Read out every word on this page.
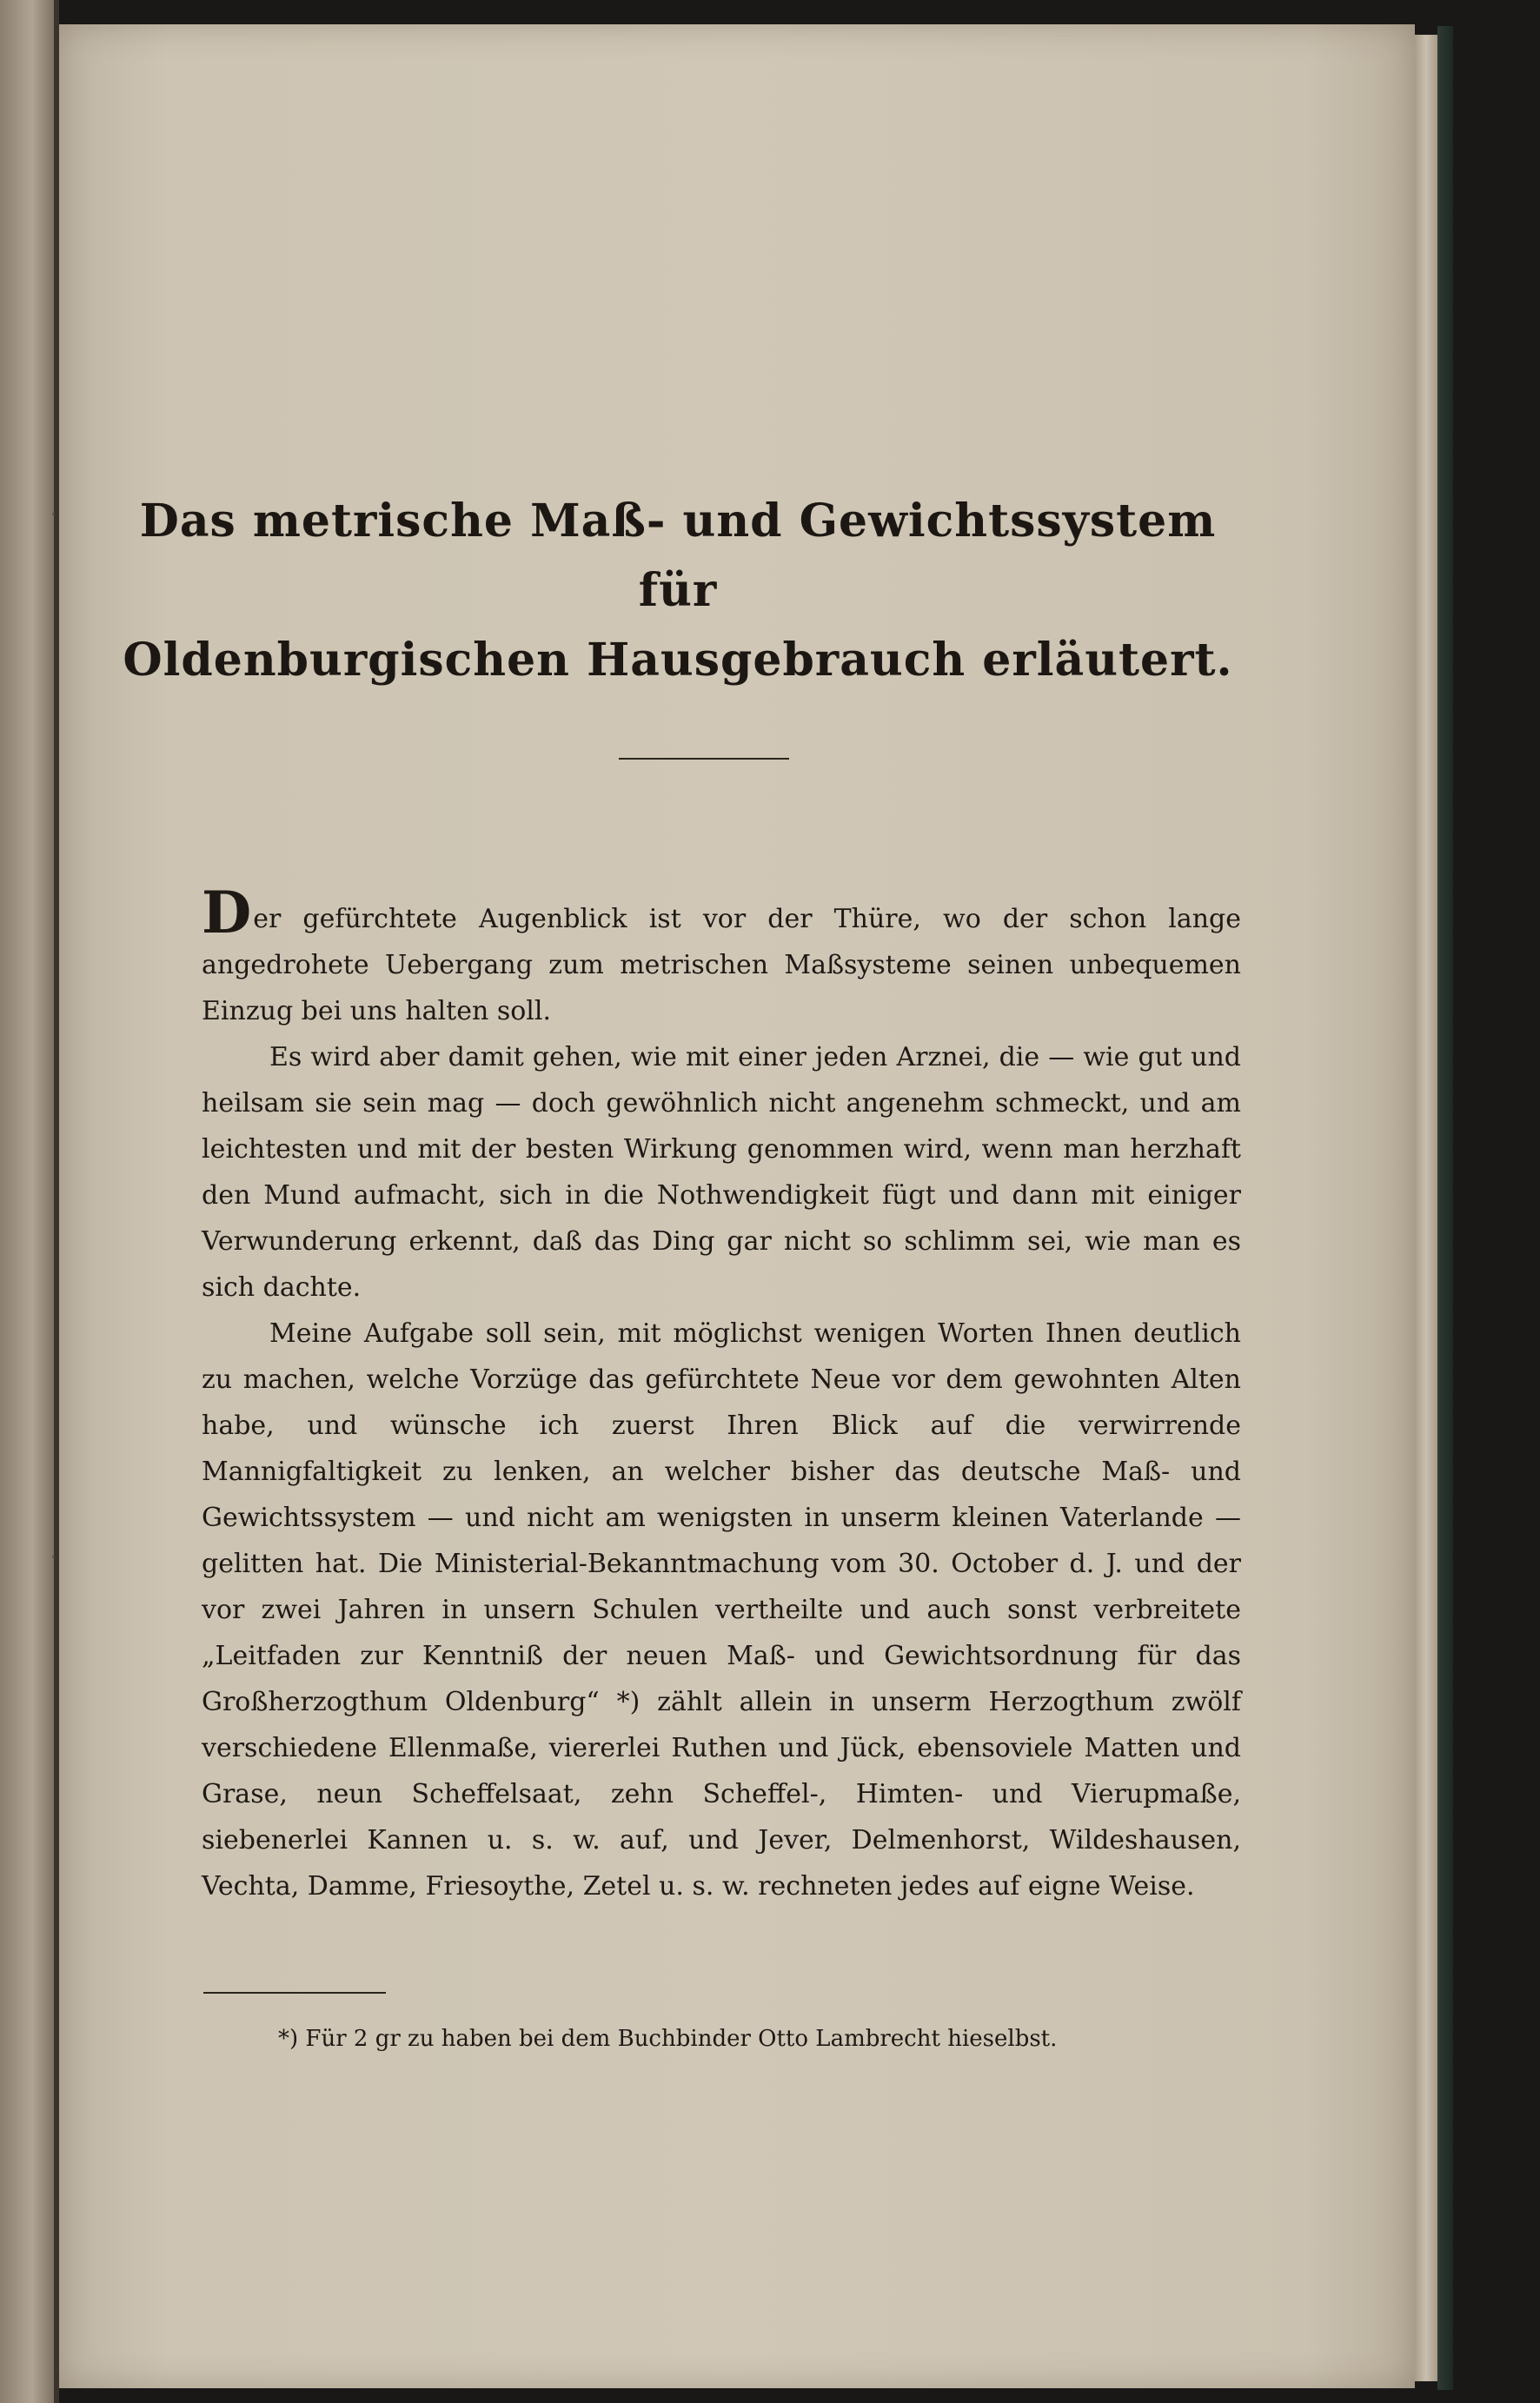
Das metrische Maß- und Gewichtssystem für
Oldenburgischen Hausgebrauch erläutert.

Der gefürchtete Augenblick ist vor der Thüre, wo der schon lange angedrohete Uebergang zum metrischen Maßsysteme seinen unbequemen Einzug bei uns halten soll.

Es wird aber damit gehen, wie mit einer jeden Arznei, die — wie gut und heilsam sie sein mag — doch gewöhnlich nicht angenehm schmeckt, und am leichtesten und mit der besten Wirkung genommen wird, wenn man herzhaft den Mund aufmacht, sich in die Nothwendigkeit fügt und dann mit einiger Verwunderung erkennt, daß das Ding gar nicht so schlimm sei, wie man es sich dachte.

Meine Aufgabe soll sein, mit möglichst wenigen Worten Ihnen deutlich zu machen, welche Vorzüge das gefürchtete Neue vor dem gewohnten Alten habe, und wünsche ich zuerst Ihren Blick auf die verwirrende Mannigfaltigkeit zu lenken, an welcher bisher das deutsche Maß- und Gewichtssystem — und nicht am wenigsten in unserm kleinen Vaterlande — gelitten hat. Die Ministerial-Bekanntmachung vom 30. October d. J. und der vor zwei Jahren in unsern Schulen vertheilte und auch sonst verbreitete „Leitfaden zur Kenntniß der neuen Maß- und Gewichtsordnung für das Großherzogthum Oldenburg“ *) zählt allein in unserm Herzogthum zwölf verschiedene Ellenmaße, viererlei Ruthen und Jück, ebensoviele Matten und Grase, neun Scheffelsaat, zehn Scheffel-, Himten- und Vierupmaße, siebenerlei Kannen u. s. w. auf, und Jever, Delmenhorst, Wildeshausen, Vechta, Damme, Friesoythe, Zetel u. s. w. rechneten jedes auf eigne Weise.

*) Für 2 gr zu haben bei dem Buchbinder Otto Lambrecht hieselbst.
·
·
